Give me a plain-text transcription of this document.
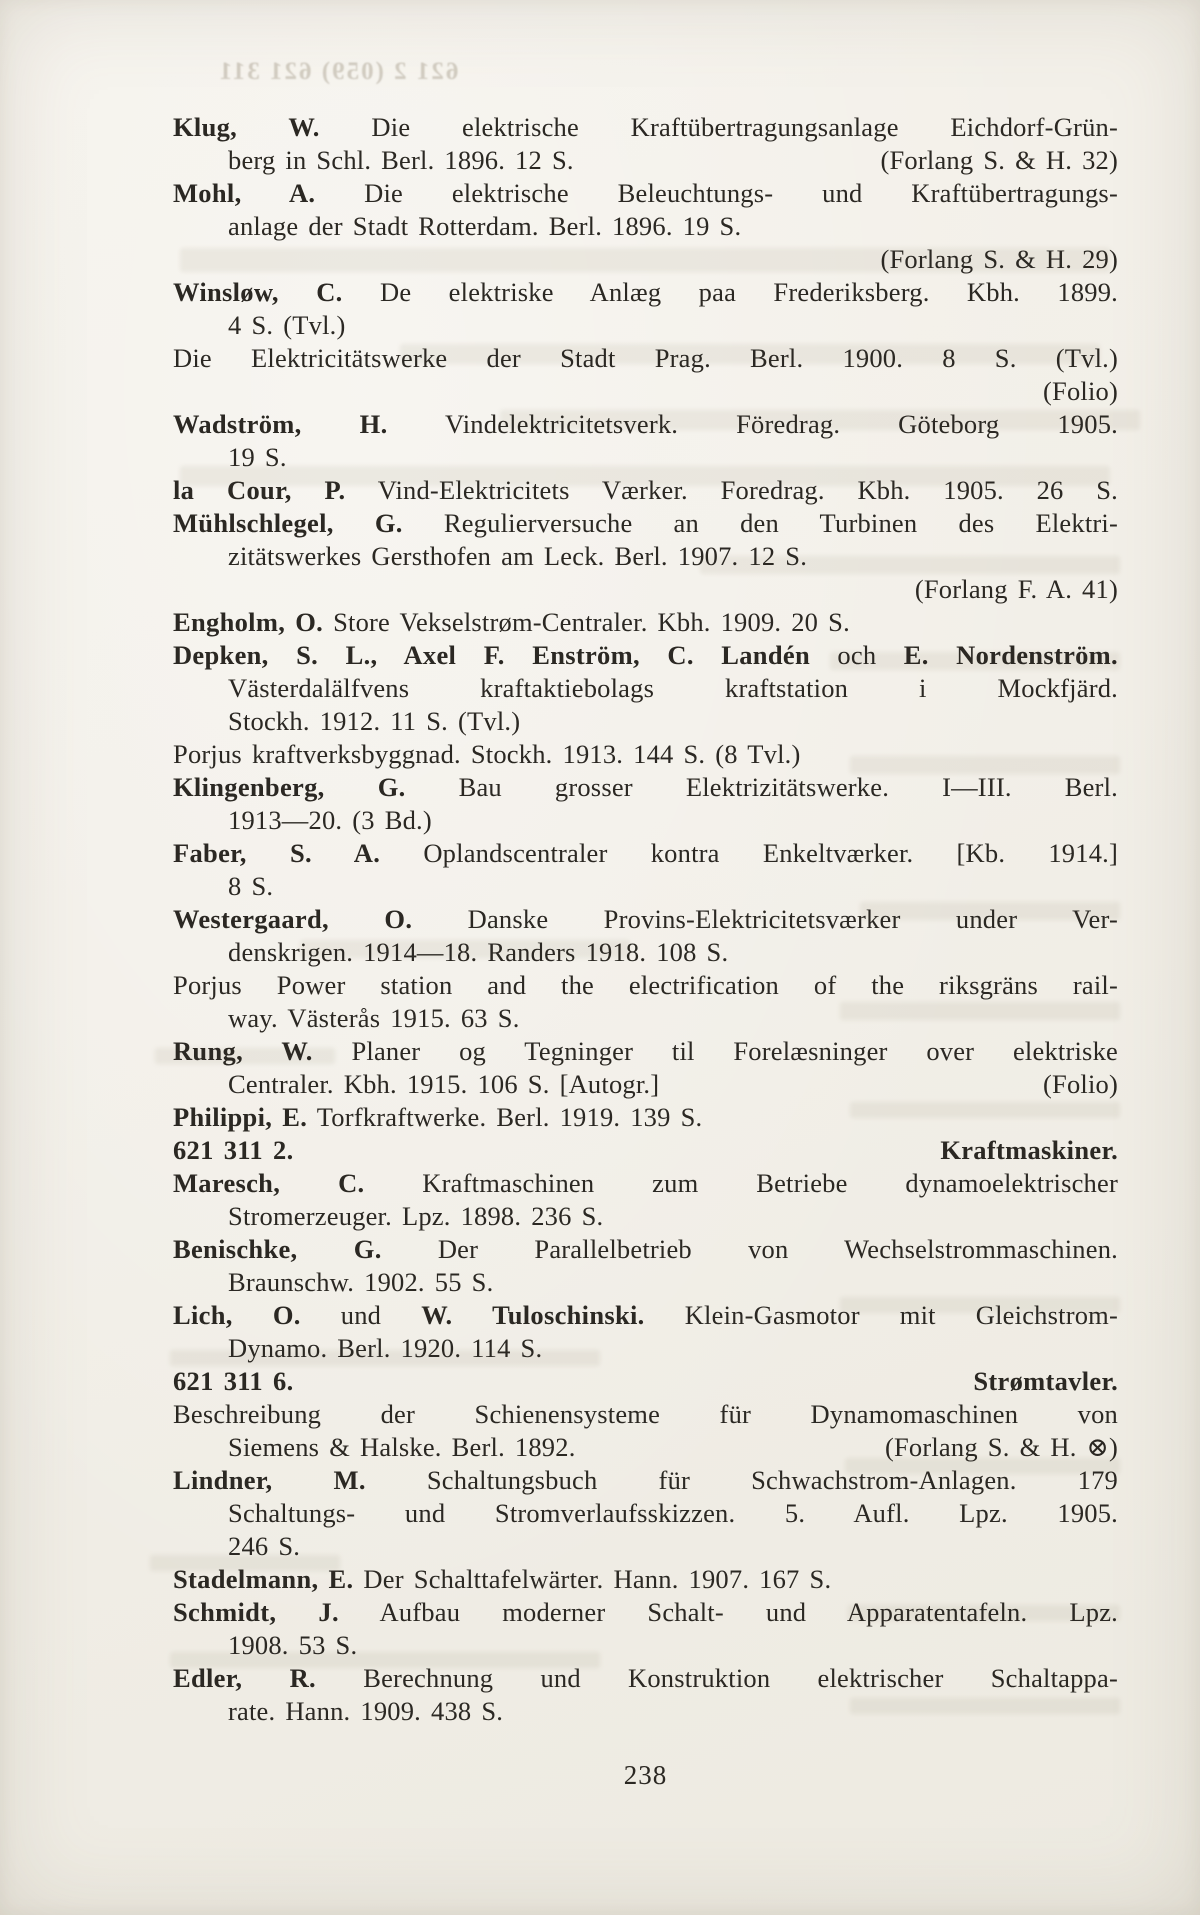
621 2 (059) 621 311
Klug, W. Die elektrische Kraftübertragungsanlage Eichdorf-Grün-
berg in Schl. Berl. 1896. 12 S.	(Forlang S. & H. 32)
Mohl, A. Die elektrische Beleuchtungs- und Kraftübertragungs-
anlage der Stadt Rotterdam. Berl. 1896. 19 S.
(Forlang S. & H. 29)
Winsløw, C. De elektriske Anlæg paa Frederiksberg. Kbh. 1899.
4 S. (Tvl.)
Die Elektricitätswerke der Stadt Prag. Berl. 1900. 8 S. (Tvl.)
(Folio)
Wadström, H. Vindelektricitetsverk. Föredrag. Göteborg 1905.
19 S.
la Cour, P. Vind-Elektricitets Værker. Foredrag. Kbh. 1905. 26 S.
Mühlschlegel, G. Regulierversuche an den Turbinen des Elektri-
zitätswerkes Gersthofen am Leck. Berl. 1907. 12 S.
(Forlang F. A. 41)
Engholm, O. Store Vekselstrøm-Centraler. Kbh. 1909. 20 S.
Depken, S. L., Axel F. Enström, C. Landén och E. Nordenström.
Västerdalälfvens kraftaktiebolags kraftstation i Mockfjärd.
Stockh. 1912. 11 S. (Tvl.)
Porjus kraftverksbyggnad. Stockh. 1913. 144 S. (8 Tvl.)
Klingenberg, G. Bau grosser Elektrizitätswerke. I—III. Berl.
1913—20. (3 Bd.)
Faber, S. A. Oplandscentraler kontra Enkeltværker. [Kb. 1914.]
8 S.
Westergaard, O. Danske Provins-Elektricitetsværker under Ver-
denskrigen. 1914—18. Randers 1918. 108 S.
Porjus Power station and the electrification of the riksgräns rail-
way. Västerås 1915. 63 S.
Rung, W. Planer og Tegninger til Forelæsninger over elektriske
Centraler. Kbh. 1915. 106 S. [Autogr.]	(Folio)
Philippi, E. Torfkraftwerke. Berl. 1919. 139 S.
621 311 2.	Kraftmaskiner.
Maresch, C. Kraftmaschinen zum Betriebe dynamoelektrischer
Stromerzeuger. Lpz. 1898. 236 S.
Benischke, G. Der Parallelbetrieb von Wechselstrommaschinen.
Braunschw. 1902. 55 S.
Lich, O. und W. Tuloschinski. Klein-Gasmotor mit Gleichstrom-
Dynamo. Berl. 1920. 114 S.
621 311 6.	Strømtavler.
Beschreibung der Schienensysteme für Dynamomaschinen von
Siemens & Halske. Berl. 1892.	(Forlang S. & H. ⊗)
Lindner, M. Schaltungsbuch für Schwachstrom-Anlagen. 179
Schaltungs- und Stromverlaufsskizzen. 5. Aufl. Lpz. 1905.
246 S.
Stadelmann, E. Der Schalttafelwärter. Hann. 1907. 167 S.
Schmidt, J. Aufbau moderner Schalt- und Apparatentafeln. Lpz.
1908. 53 S.
Edler, R. Berechnung und Konstruktion elektrischer Schaltappa-
rate. Hann. 1909. 438 S.
238
